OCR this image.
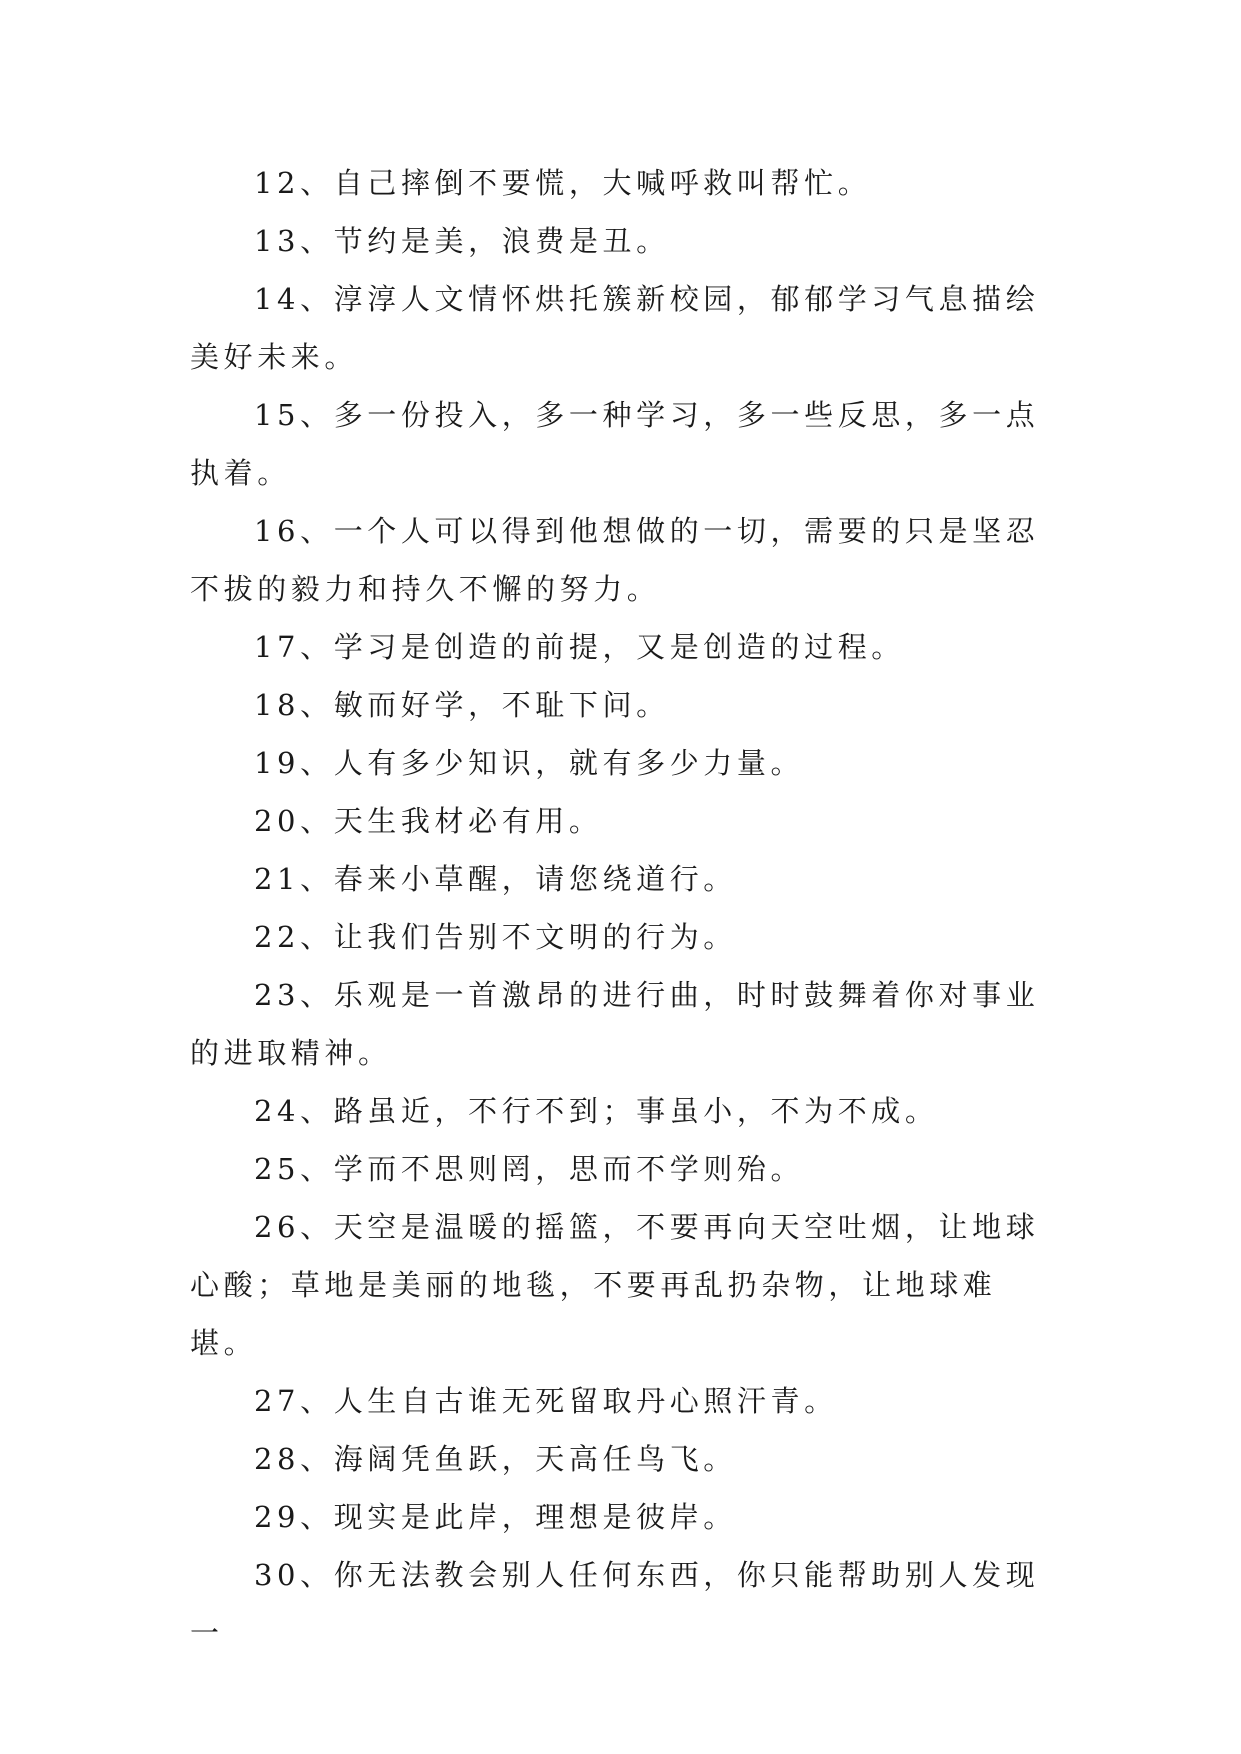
12、自己摔倒不要慌，大喊呼救叫帮忙。

13、节约是美，浪费是丑。

14、淳淳人文情怀烘托簇新校园，郁郁学习气息描绘美好未来。

15、多一份投入，多一种学习，多一些反思，多一点执着。

16、一个人可以得到他想做的一切，需要的只是坚忍不拔的毅力和持久不懈的努力。

17、学习是创造的前提，又是创造的过程。

18、敏而好学，不耻下问。

19、人有多少知识，就有多少力量。

20、天生我材必有用。

21、春来小草醒，请您绕道行。

22、让我们告别不文明的行为。

23、乐观是一首激昂的进行曲，时时鼓舞着你对事业的进取精神。

24、路虽近，不行不到；事虽小，不为不成。

25、学而不思则罔，思而不学则殆。

26、天空是温暖的摇篮，不要再向天空吐烟，让地球心酸；草地是美丽的地毯，不要再乱扔杂物，让地球难堪。

27、人生自古谁无死留取丹心照汗青。

28、海阔凭鱼跃，天高任鸟飞。

29、现实是此岸，理想是彼岸。

30、你无法教会别人任何东西，你只能帮助别人发现一
